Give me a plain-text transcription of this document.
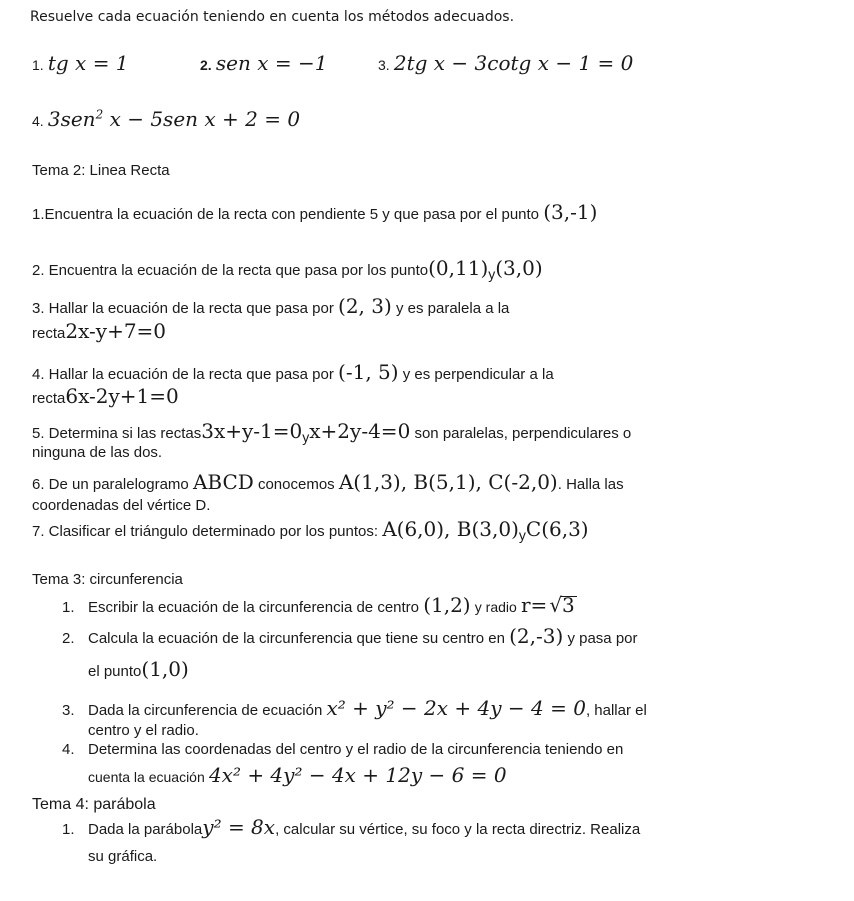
Resuelve cada ecuación teniendo en cuenta los métodos adecuados.
1. tg x = 1	2. sen x = −1	3. 2tg x − 3cotg x − 1 = 0
4. 3sen$^2$ x − 5sen x + 2 = 0
Tema 2: Linea Recta
1.Encuentra la ecuación de la recta con pendiente 5 y que pasa por el punto (3,-1)
2. Encuentra la ecuación de la recta que pasa por los punto(0,11)y(3,0)
3. Hallar la ecuación de la recta que pasa por (2, 3) y es paralela a la
recta2x-y+7=0
4. Hallar la ecuación de la recta que pasa por (-1, 5) y es perpendicular a la
recta6x-2y+1=0
5. Determina si las rectas3x+y-1=0yx+2y-4=0 son paralelas, perpendiculares o
ninguna de las dos.
6. De un paralelogramo ABCD conocemos A(1,3), B(5,1), C(-2,0). Halla las
coordenadas del vértice D.
7. Clasificar el triángulo determinado por los puntos: A(6,0), B(3,0)yC(6,3)
Tema 3: circunferencia
1. Escribir la ecuación de la circunferencia de centro (1,2) y radio r= √3
2. Calcula la ecuación de la circunferencia que tiene su centro en (2,-3) y pasa por
el punto(1,0)
3. Dada la circunferencia de ecuación x² + y² − 2x + 4y − 4 = 0, hallar el
centro y el radio.
4. Determina las coordenadas del centro y el radio de la circunferencia teniendo en
cuenta la ecuación 4x² + 4y² − 4x + 12y − 6 = 0
Tema 4: parábola
1. Dada la parábolay² = 8x, calcular su vértice, su foco y la recta directriz. Realiza
su gráfica.
